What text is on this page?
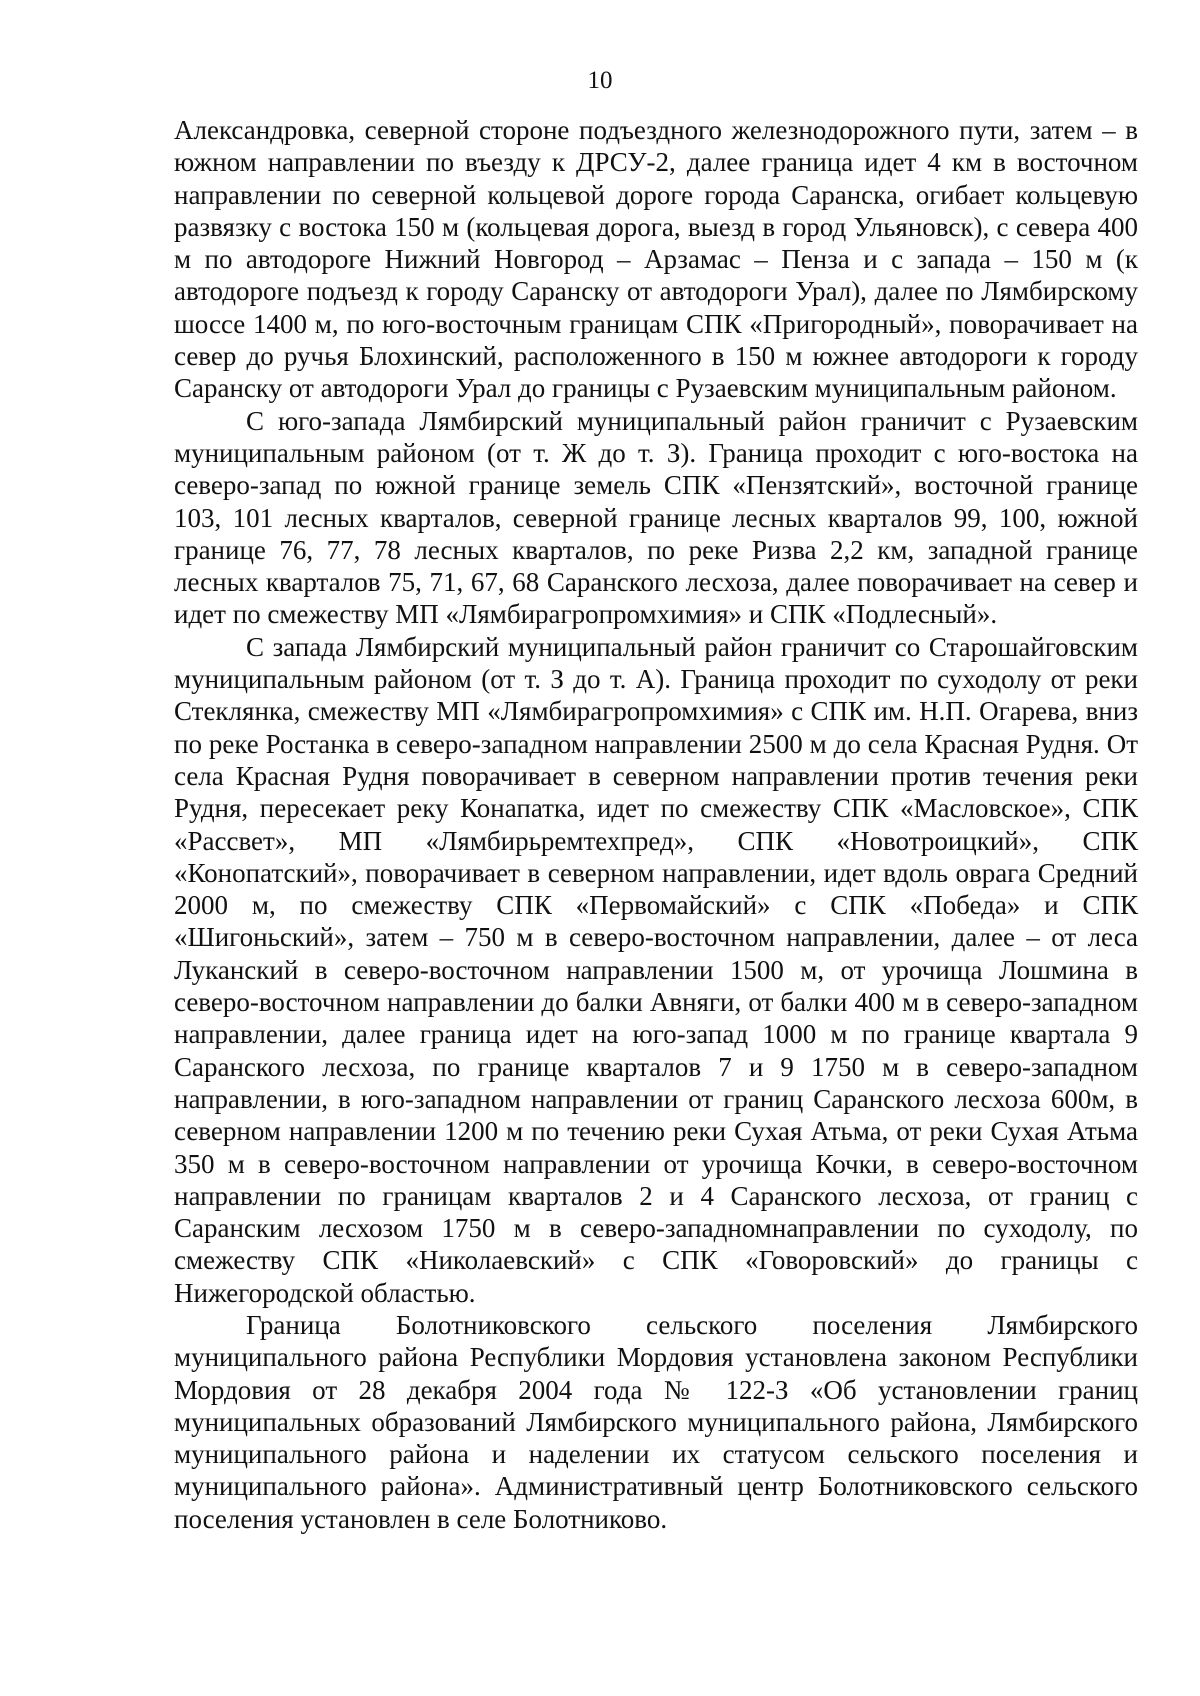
10

Александровка, северной стороне подъездного железнодорожного пути, затем – в южном направлении по въезду к ДРСУ-2, далее граница идет 4 км в восточном направлении по северной кольцевой дороге города Саранска, огибает кольцевую развязку с востока 150 м (кольцевая дорога, выезд в город Ульяновск), с севера 400 м по автодороге Нижний Новгород – Арзамас – Пенза и с запада – 150 м (к автодороге подъезд к городу Саранску от автодороги Урал), далее по Лямбирскому шоссе 1400 м, по юго-восточным границам СПК «Пригородный», поворачивает на север до ручья Блохинский, расположенного в 150 м южнее автодороги к городу Саранску от автодороги Урал до границы с Рузаевским муниципальным районом.

С юго-запада Лямбирский муниципальный район граничит с Рузаевским муниципальным районом (от т. Ж до т. З). Граница проходит с юго-востока на северо-запад по южной границе земель СПК «Пензятский», восточной границе 103, 101 лесных кварталов, северной границе лесных кварталов 99, 100, южной границе 76, 77, 78 лесных кварталов, по реке Ризва 2,2 км, западной границе лесных кварталов 75, 71, 67, 68 Саранского лесхоза, далее поворачивает на север и идет по смежеству МП «Лямбирагропромхимия» и СПК «Подлесный».

С запада Лямбирский муниципальный район граничит со Старошайговским муниципальным районом (от т. З до т. А). Граница проходит по суходолу от реки Стеклянка, смежеству МП «Лямбирагропромхимия» с СПК им. Н.П. Огарева, вниз по реке Ростанка в северо-западном направлении 2500 м до села Красная Рудня. От села Красная Рудня поворачивает в северном направлении против течения реки Рудня, пересекает реку Конапатка, идет по смежеству СПК «Масловское», СПК «Рассвет», МП «Лямбирьремтехпред», СПК «Новотроицкий», СПК «Конопатский», поворачивает в северном направлении, идет вдоль оврага Средний 2000 м, по смежеству СПК «Первомайский» с СПК «Победа» и СПК «Шигоньский», затем – 750 м в северо-восточном направлении, далее – от леса Луканский в северо-восточном направлении 1500 м, от урочища Лошмина в северо-восточном направлении до балки Авняги, от балки 400 м в северо-западном направлении, далее граница идет на юго-запад 1000 м по границе квартала 9 Саранского лесхоза, по границе кварталов 7 и 9 1750 м в северо-западном направлении, в юго-западном направлении от границ Саранского лесхоза 600м, в северном направлении 1200 м по течению реки Сухая Атьма, от реки Сухая Атьма 350 м в северо-восточном направлении от урочища Кочки, в северо-восточном направлении по границам кварталов 2 и 4 Саранского лесхоза, от границ с Саранским лесхозом 1750 м в северо-западномнаправлении по суходолу, по смежеству СПК «Николаевский» с СПК «Говоровский» до границы с Нижегородской областью.

Граница Болотниковского сельского поселения Лямбирского муниципального района Республики Мордовия установлена законом Республики Мордовия от 28 декабря 2004 года № 122-З «Об установлении границ муниципальных образований Лямбирского муниципального района, Лямбирского муниципального района и наделении их статусом сельского поселения и муниципального района». Административный центр Болотниковского сельского поселения установлен в селе Болотниково.
